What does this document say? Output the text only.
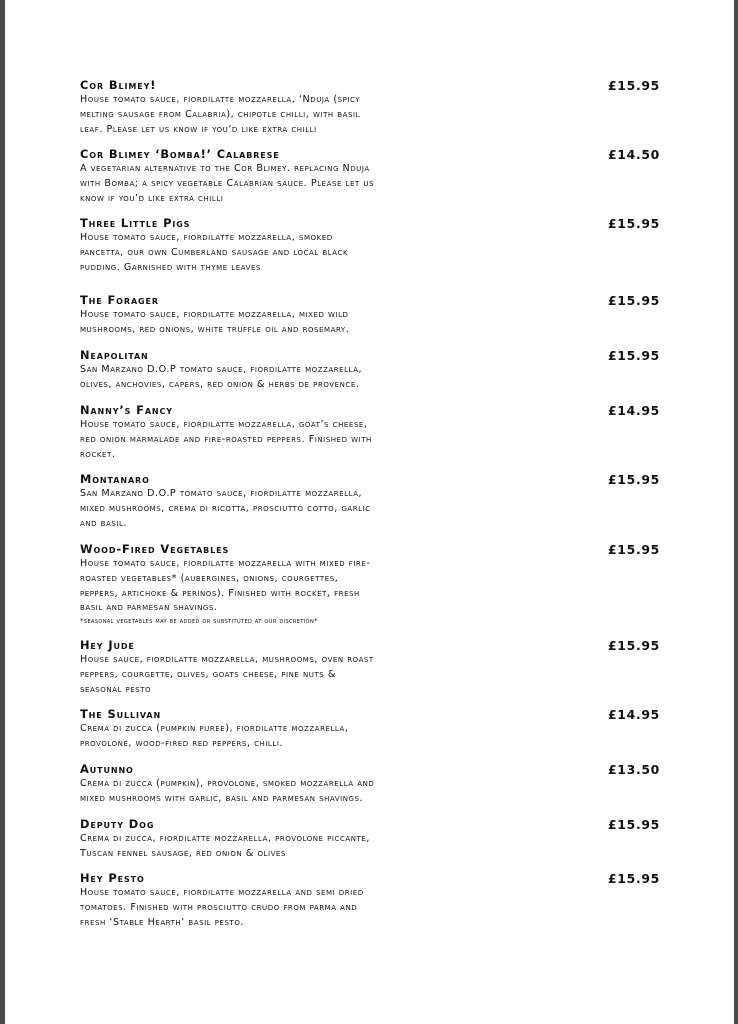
Cor Blimey!	£15.95
House tomato sauce, fiordilatte mozzarella, ‘Nduja (spicy
melting sausage from Calabria), chipotle chilli, with basil
leaf. Please let us know if you’d like extra chilli
Cor Blimey ‘Bomba!’ Calabrese	£14.50
A vegetarian alternative to the Cor Blimey. replacing Nduja
with Bomba; a spicy vegetable Calabrian sauce. Please let us
know if you’d like extra chilli
Three Little Pigs	£15.95
House tomato sauce, fiordilatte mozzarella, smoked
pancetta, our own Cumberland sausage and local black
pudding. Garnished with thyme leaves
The Forager	£15.95
House tomato sauce, fiordilatte mozzarella, mixed wild
mushrooms, red onions, white truffle oil and rosemary.
Neapolitan	£15.95
San Marzano D.O.P tomato sauce, fiordilatte mozzarella,
olives, anchovies, capers, red onion & herbs de provence.
Nanny’s Fancy	£14.95
House tomato sauce, fiordilatte mozzarella, goat’s cheese,
red onion marmalade and fire-roasted peppers. Finished with
rocket.
Montanaro	£15.95
San Marzano D.O.P tomato sauce, fiordilatte mozzarella,
mixed mushrooms, crema di ricotta, prosciutto cotto, garlic
and basil.
Wood-Fired Vegetables	£15.95
House tomato sauce, fiordilatte mozzarella with mixed fire-
roasted vegetables* (aubergines, onions, courgettes,
peppers, artichoke & perinos). Finished with rocket, fresh
basil and parmesan shavings.
*seasonal vegetables may be added or substituted at our discretion*
Hey Jude	£15.95
House sauce, fiordilatte mozzarella, mushrooms, oven roast
peppers, courgette, olives, goats cheese, pine nuts &
seasonal pesto
The Sullivan	£14.95
Crema di zucca (pumpkin puree), fiordilatte mozzarella,
provolone, wood-fired red peppers, chilli.
Autunno	£13.50
Crema di zucca (pumpkin), provolone, smoked mozzarella and
mixed mushrooms with garlic, basil and parmesan shavings.
Deputy Dog	£15.95
Crema di zucca, fiordilatte mozzarella, provolone piccante,
Tuscan fennel sausage, red onion & olives
Hey Pesto	£15.95
House tomato sauce, fiordilatte mozzarella and semi dried
tomatoes. Finished with prosciutto crudo from parma and
fresh ‘Stable Hearth’ basil pesto.
